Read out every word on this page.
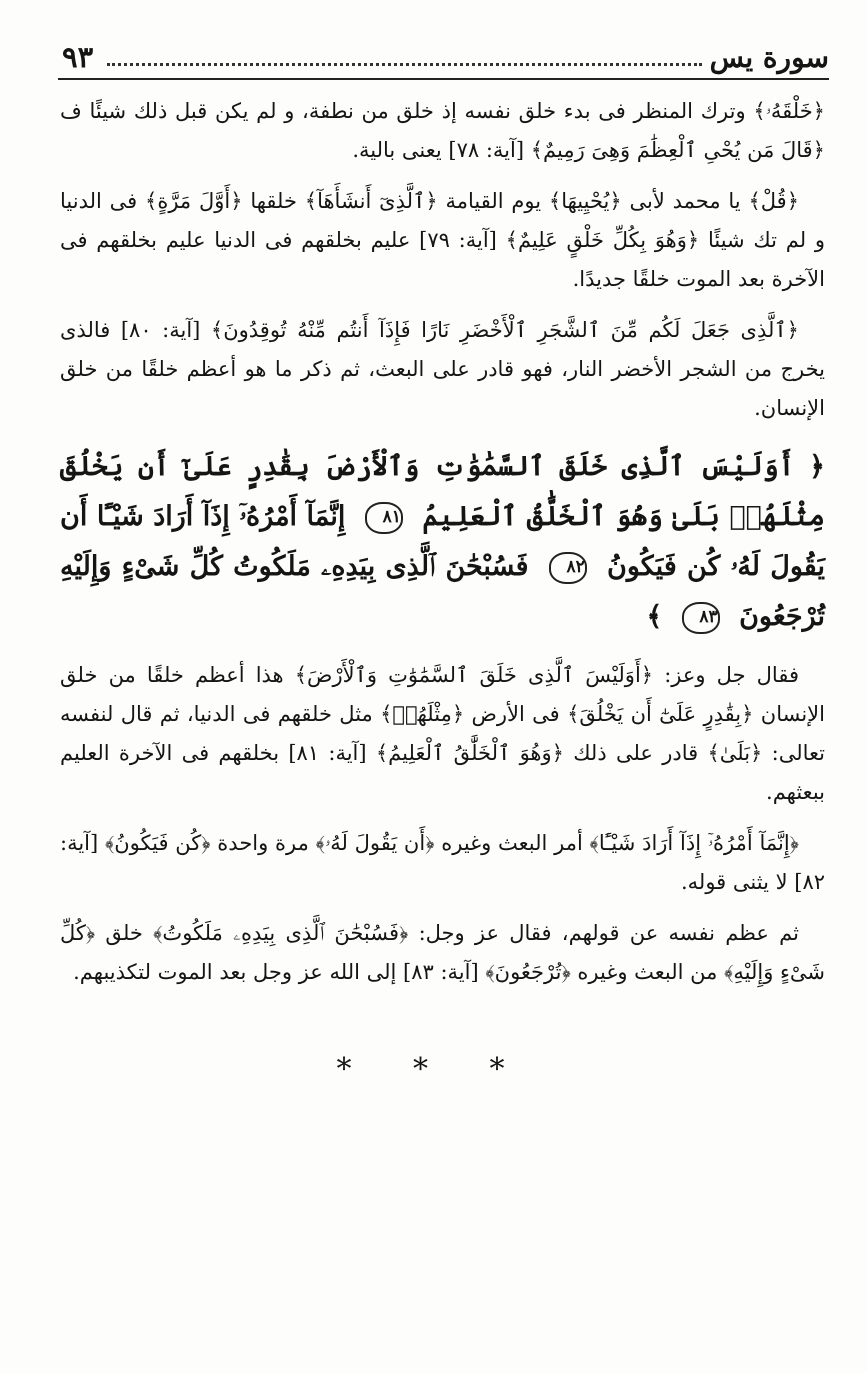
٩٣	سورة يس

﴿خَلْقَهُۥ﴾ وترك المنظر فى بدء خلق نفسه إذ خلق من نطفة، و لم يكن قبل ذلك شيئًا ف ﴿قَالَ مَن يُحْىِ ٱلْعِظَٰمَ وَهِىَ رَمِيمٌ﴾ [آية: ٧٨] يعنى بالية.

﴿قُلْ﴾ يا محمد لأبى ﴿يُحْيِيهَا﴾ يوم القيامة ﴿ٱلَّذِىٓ أَنشَأَهَآ﴾ خلقها ﴿أَوَّلَ مَرَّةٍ﴾ فى الدنيا و لم تك شيئًا ﴿وَهُوَ بِكُلِّ خَلْقٍ عَلِيمٌ﴾ [آية: ٧٩] عليم بخلقهم فى الدنيا عليم بخلقهم فى الآخرة بعد الموت خلقًا جديدًا.

﴿ٱلَّذِى جَعَلَ لَكُم مِّنَ ٱلشَّجَرِ ٱلْأَخْضَرِ نَارًا فَإِذَآ أَنتُم مِّنْهُ تُوقِدُونَ﴾ [آية: ٨٠] فالذى يخرج من الشجر الأخضر النار، فهو قادر على البعث، ثم ذكر ما هو أعظم خلقًا من خلق الإنسان.

﴿ أَوَلَيْسَ ٱلَّذِى خَلَقَ ٱلسَّمَٰوَٰتِ وَٱلْأَرْضَ بِقَٰدِرٍ عَلَىٰٓ أَن يَخْلُقَ مِثْلَهُمۚ بَلَىٰ وَهُوَ ٱلْخَلَّٰقُ ٱلْعَلِيمُ ٨١ إِنَّمَآ أَمْرُهُۥٓ إِذَآ أَرَادَ شَيْـًٔا أَن يَقُولَ لَهُۥ كُن فَيَكُونُ ٨٢ فَسُبْحَٰنَ ٱلَّذِى بِيَدِهِۦ مَلَكُوتُ كُلِّ شَىْءٍ وَإِلَيْهِ تُرْجَعُونَ ٨٣ ﴾

فقال جل وعز: ﴿أَوَلَيْسَ ٱلَّذِى خَلَقَ ٱلسَّمَٰوَٰتِ وَٱلْأَرْضَ﴾ هذا أعظم خلقًا من خلق الإنسان ﴿بِقَٰدِرٍ عَلَىٰٓ أَن يَخْلُقَ﴾ فى الأرض ﴿مِثْلَهُمۚ﴾ مثل خلقهم فى الدنيا، ثم قال لنفسه تعالى: ﴿بَلَىٰ﴾ قادر على ذلك ﴿وَهُوَ ٱلْخَلَّٰقُ ٱلْعَلِيمُ﴾ [آية: ٨١] بخلقهم فى الآخرة العليم ببعثهم.

﴿إِنَّمَآ أَمْرُهُۥٓ إِذَآ أَرَادَ شَيْـًٔا﴾ أمر البعث وغيره ﴿أَن يَقُولَ لَهُۥ﴾ مرة واحدة ﴿كُن فَيَكُونُ﴾ [آية: ٨٢] لا يثنى قوله.

ثم عظم نفسه عن قولهم، فقال عز وجل: ﴿فَسُبْحَٰنَ ٱلَّذِى بِيَدِهِۦ مَلَكُوتُ﴾ خلق ﴿كُلِّ شَىْءٍ وَإِلَيْهِ﴾ من البعث وغيره ﴿تُرْجَعُونَ﴾ [آية: ٨٣] إلى الله عز وجل بعد الموت لتكذيبهم.

* * *
